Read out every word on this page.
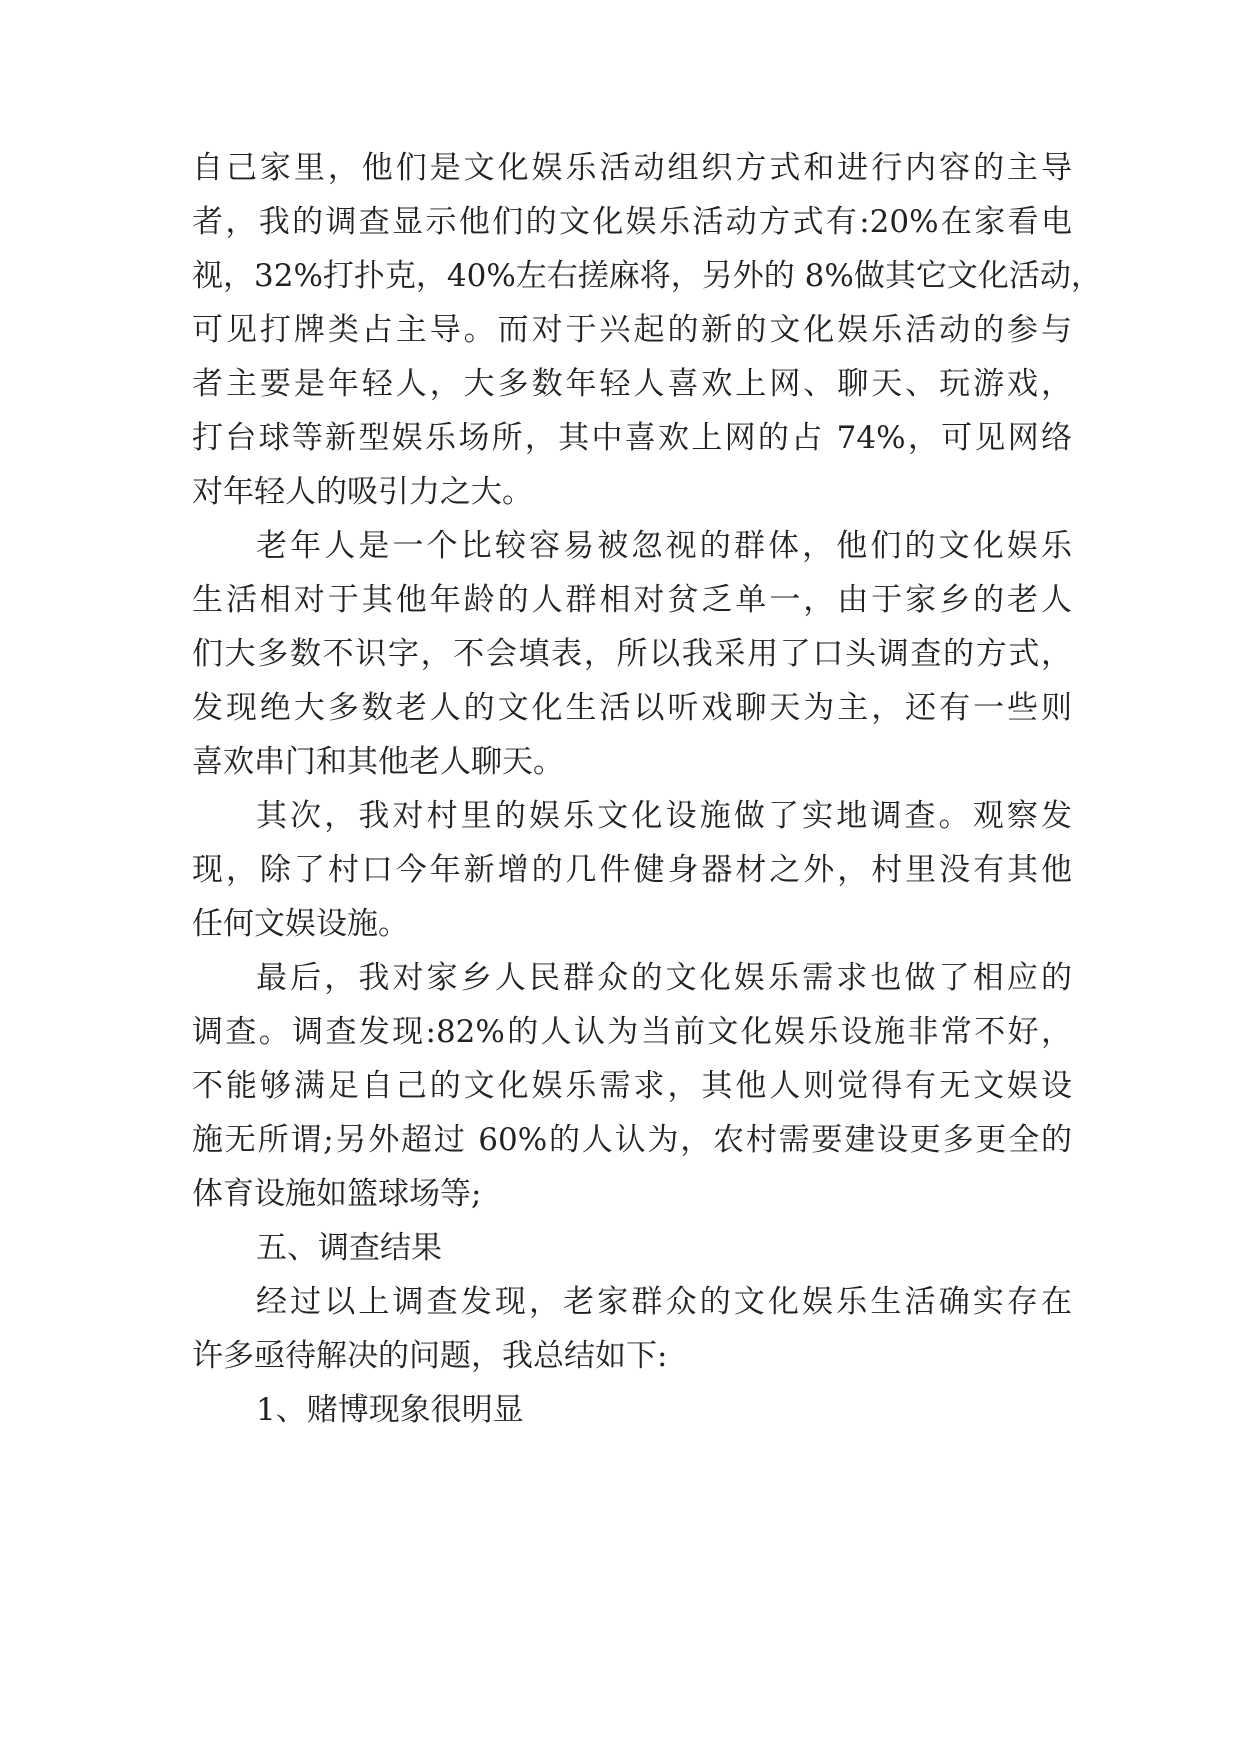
自己家里，他们是文化娱乐活动组织方式和进行内容的主导

者，我的调查显示他们的文化娱乐活动方式有:20%在家看电

视，32%打扑克，40%左右搓麻将，另外的 8%做其它文化活动，

可见打牌类占主导。而对于兴起的新的文化娱乐活动的参与

者主要是年轻人，大多数年轻人喜欢上网、聊天、玩游戏，

打台球等新型娱乐场所，其中喜欢上网的占 74%，可见网络

对年轻人的吸引力之大。

老年人是一个比较容易被忽视的群体，他们的文化娱乐

生活相对于其他年龄的人群相对贫乏单一，由于家乡的老人

们大多数不识字，不会填表，所以我采用了口头调查的方式，

发现绝大多数老人的文化生活以听戏聊天为主，还有一些则

喜欢串门和其他老人聊天。

其次，我对村里的娱乐文化设施做了实地调查。观察发

现，除了村口今年新增的几件健身器材之外，村里没有其他

任何文娱设施。

最后，我对家乡人民群众的文化娱乐需求也做了相应的

调查。调查发现:82%的人认为当前文化娱乐设施非常不好，

不能够满足自己的文化娱乐需求，其他人则觉得有无文娱设

施无所谓;另外超过 60%的人认为，农村需要建设更多更全的

体育设施如篮球场等;

五、调查结果

经过以上调查发现，老家群众的文化娱乐生活确实存在

许多亟待解决的问题，我总结如下:

1、赌博现象很明显
